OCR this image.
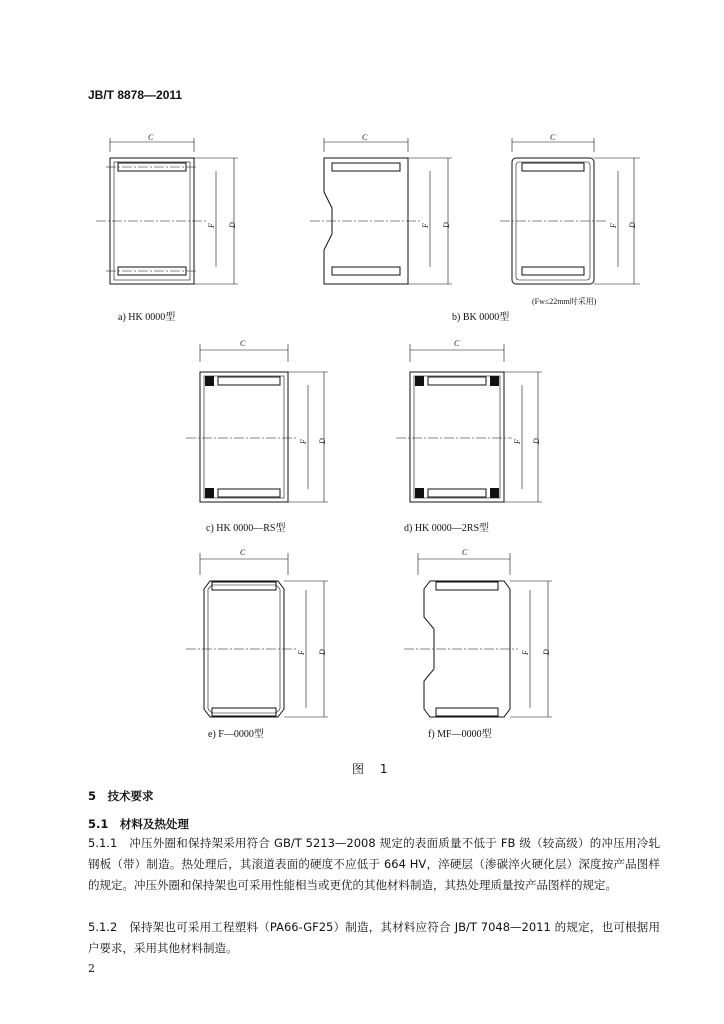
JB/T 8878—2011
C
F D
a) HK 0000型
C
F D
b) BK 0000型
C
F D
(Fw≤22mm时采用)
C
F D
c) HK 0000—RS型
C
F D
d) HK 0000—2RS型
C
F D
e) F—0000型
C
F D
f) MF—0000型
图 1
5　技术要求
5.1　材料及热处理
5.1.1　冲压外圈和保持架采用符合 GB/T 5213—2008 规定的表面质量不低于 FB 级（较高级）的冲压用冷轧钢板（带）制造。热处理后，其滚道表面的硬度不应低于 664 HV，淬硬层（渗碳淬火硬化层）深度按产品图样的规定。冲压外圈和保持架也可采用性能相当或更优的其他材料制造，其热处理质量按产品图样的规定。
5.1.2　保持架也可采用工程塑料（PA66-GF25）制造，其材料应符合 JB/T 7048—2011 的规定，也可根据用户要求，采用其他材料制造。
2
